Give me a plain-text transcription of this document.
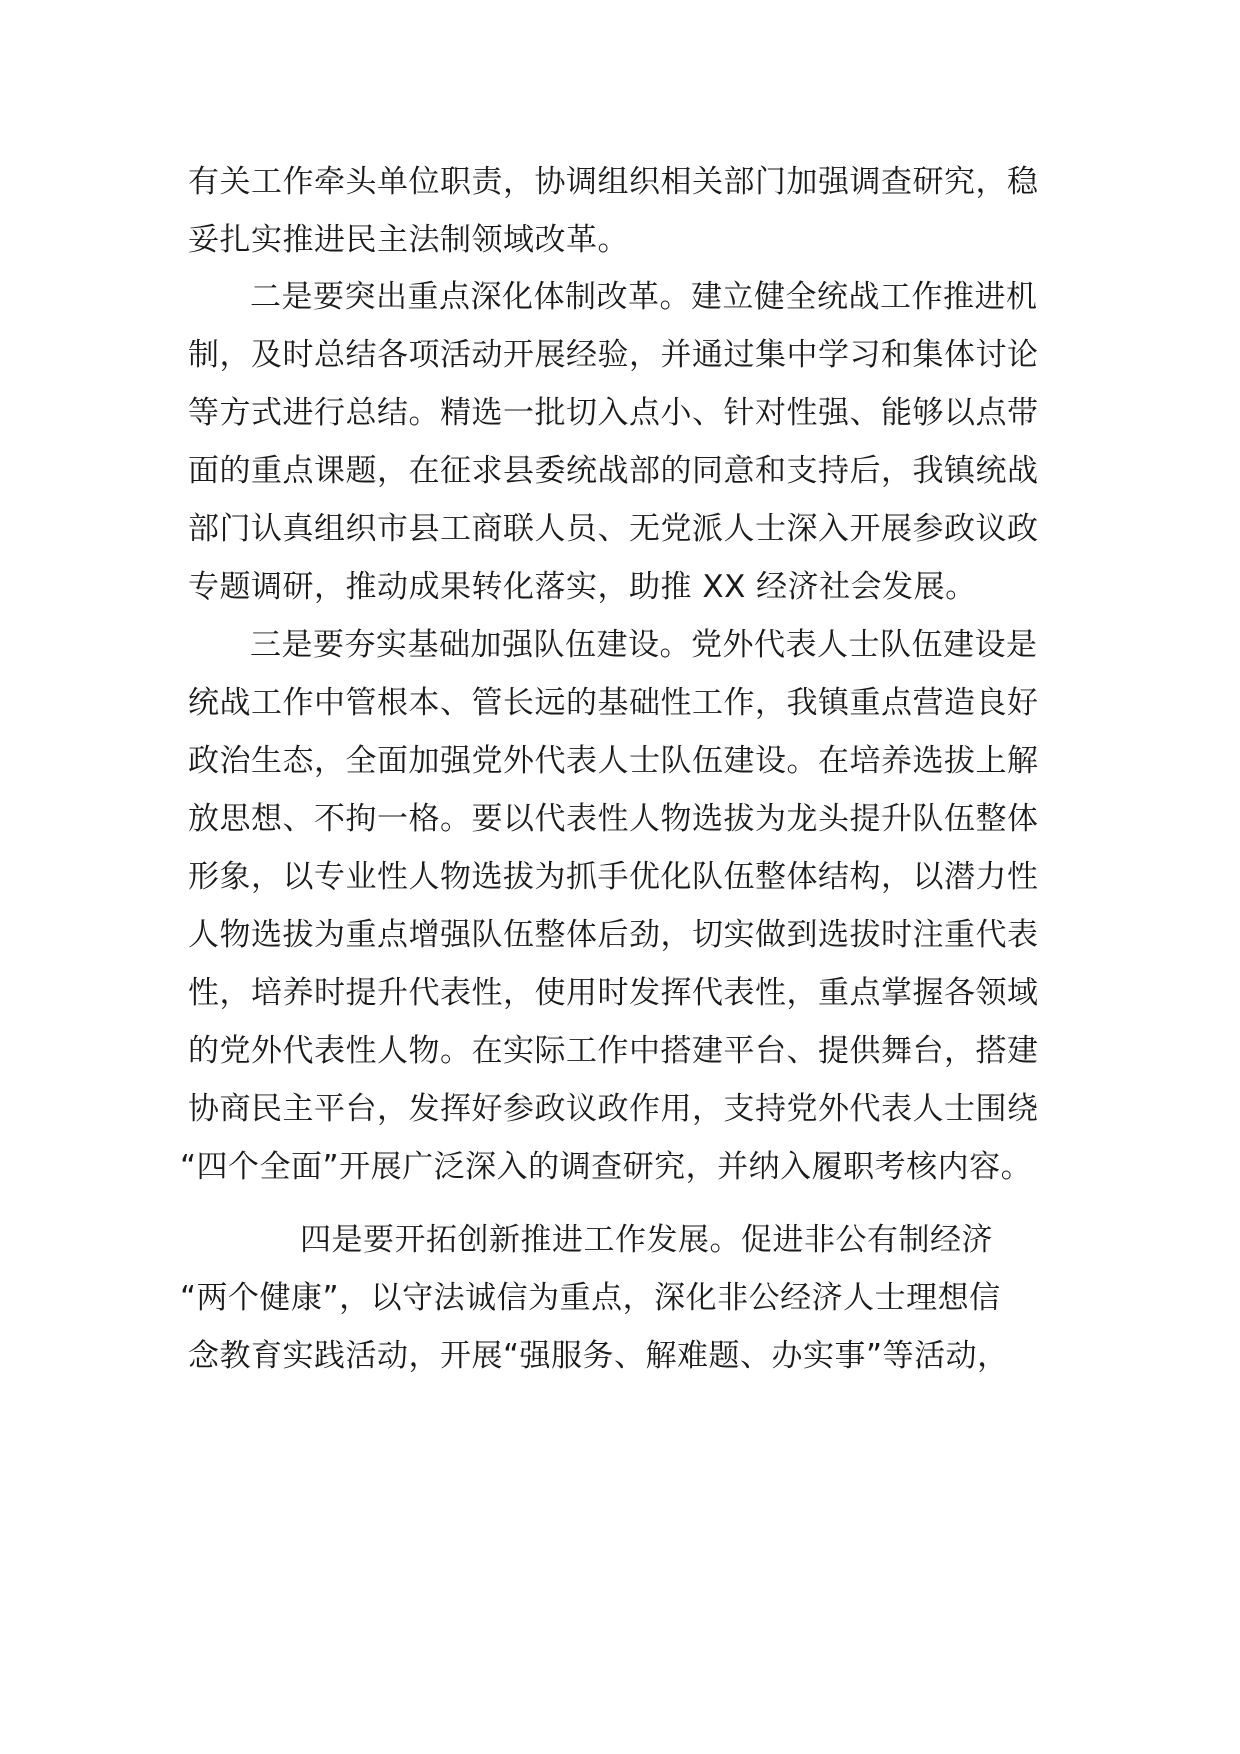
有关工作牵头单位职责，协调组织相关部门加强调查研究，稳

妥扎实推进民主法制领域改革。

二是要突出重点深化体制改革。建立健全统战工作推进机

制，及时总结各项活动开展经验，并通过集中学习和集体讨论

等方式进行总结。精选一批切入点小、针对性强、能够以点带

面的重点课题，在征求县委统战部的同意和支持后，我镇统战

部门认真组织市县工商联人员、无党派人士深入开展参政议政

专题调研，推动成果转化落实，助推 XX 经济社会发展。

三是要夯实基础加强队伍建设。党外代表人士队伍建设是

统战工作中管根本、管长远的基础性工作，我镇重点营造良好

政治生态，全面加强党外代表人士队伍建设。在培养选拔上解

放思想、不拘一格。要以代表性人物选拔为龙头提升队伍整体

形象，以专业性人物选拔为抓手优化队伍整体结构，以潜力性

人物选拔为重点增强队伍整体后劲，切实做到选拔时注重代表

性，培养时提升代表性，使用时发挥代表性，重点掌握各领域

的党外代表性人物。在实际工作中搭建平台、提供舞台，搭建

协商民主平台，发挥好参政议政作用，支持党外代表人士围绕

“四个全面”开展广泛深入的调查研究，并纳入履职考核内容。

四是要开拓创新推进工作发展。促进非公有制经济

“两个健康”，以守法诚信为重点，深化非公经济人士理想信

念教育实践活动，开展“强服务、解难题、办实事”等活动，
